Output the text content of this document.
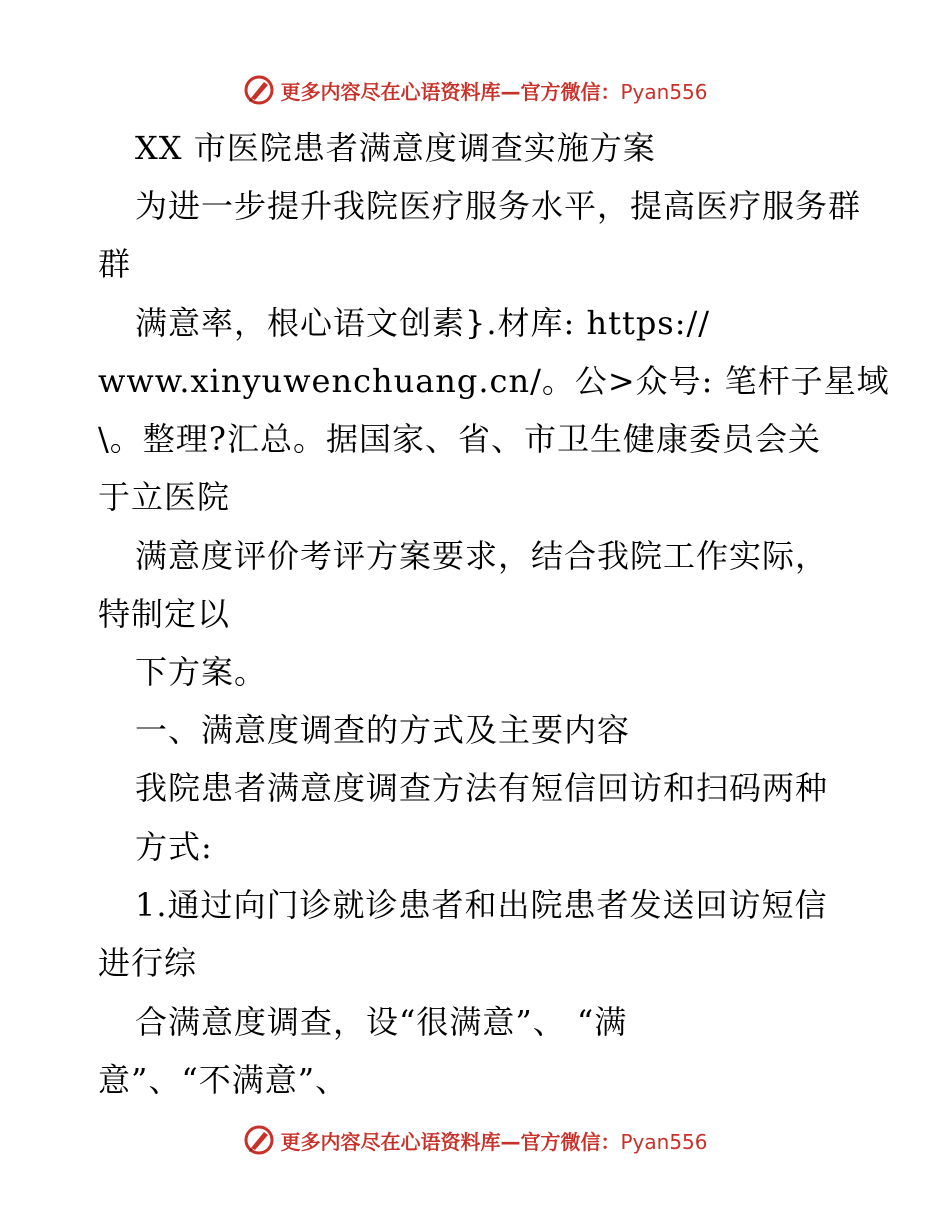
更多内容尽在心语资料库—官方微信：Pyan556
XX 市医院患者满意度调查实施方案
为进一步提升我院医疗服务水平，提高医疗服务群
群
满意率，根心语文创素}.材库: https://
www.xinyuwenchuang.cn/。公>众号: 笔杆子星域
\。整理?汇总。据国家、省、市卫生健康委员会关
于立医院
满意度评价考评方案要求，结合我院工作实际，
特制定以
下方案。
一、满意度调查的方式及主要内容
我院患者满意度调查方法有短信回访和扫码两种
方式:
1.通过向门诊就诊患者和出院患者发送回访短信
进行综
合满意度调查，设“很满意”、 “满
意”、“不满意”、
更多内容尽在心语资料库—官方微信：Pyan556
